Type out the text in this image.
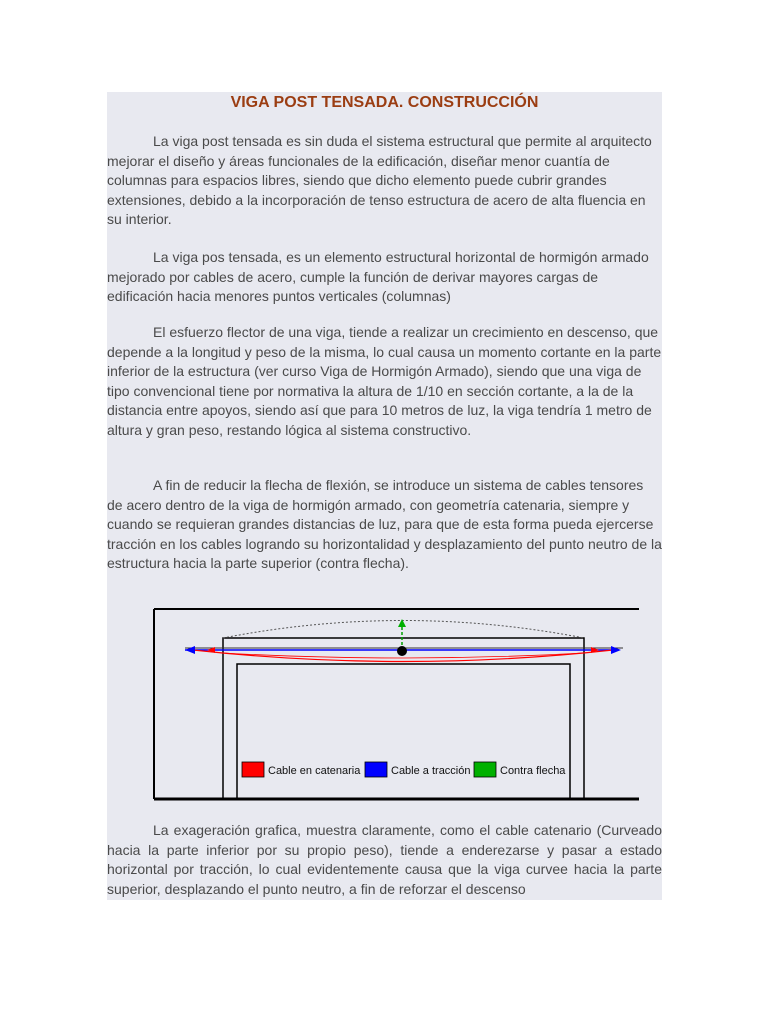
VIGA POST TENSADA. CONSTRUCCIÓN

La viga post tensada es sin duda el sistema estructural que permite al arquitecto mejorar el diseño y áreas funcionales de la edificación, diseñar menor cuantía de columnas para espacios libres, siendo que dicho elemento puede cubrir grandes extensiones, debido a la incorporación de tenso estructura de acero de alta fluencia en su interior.

La viga pos tensada, es un elemento estructural horizontal de hormigón armado mejorado por cables de acero, cumple la función de derivar mayores cargas de edificación hacia menores puntos verticales (columnas)

El esfuerzo flector de una viga, tiende a realizar un crecimiento en descenso, que depende a la longitud y peso de la misma, lo cual causa un momento cortante en la parte inferior de la estructura (ver curso Viga de Hormigón Armado), siendo que una viga de tipo convencional tiene por normativa la altura de 1/10 en sección cortante, a la de la distancia entre apoyos, siendo así que para 10 metros de luz, la viga tendría 1 metro de altura y gran peso, restando lógica al sistema constructivo.

A fin de reducir la flecha de flexión, se introduce un sistema de cables tensores de acero dentro de la viga de hormigón armado, con geometría catenaria, siempre y cuando se requieran grandes distancias de luz, para que de esta forma pueda ejercerse tracción en los cables logrando su horizontalidad y desplazamiento del punto neutro de la estructura hacia la parte superior (contra flecha).

Cable en catenaria	Cable a tracción	Contra flecha

La exageración grafica, muestra claramente, como el cable catenario (Curveado hacia la parte inferior por su propio peso), tiende a enderezarse y pasar a estado horizontal por tracción, lo cual evidentemente causa que la viga curvee hacia la parte superior, desplazando el punto neutro, a fin de reforzar el descenso
